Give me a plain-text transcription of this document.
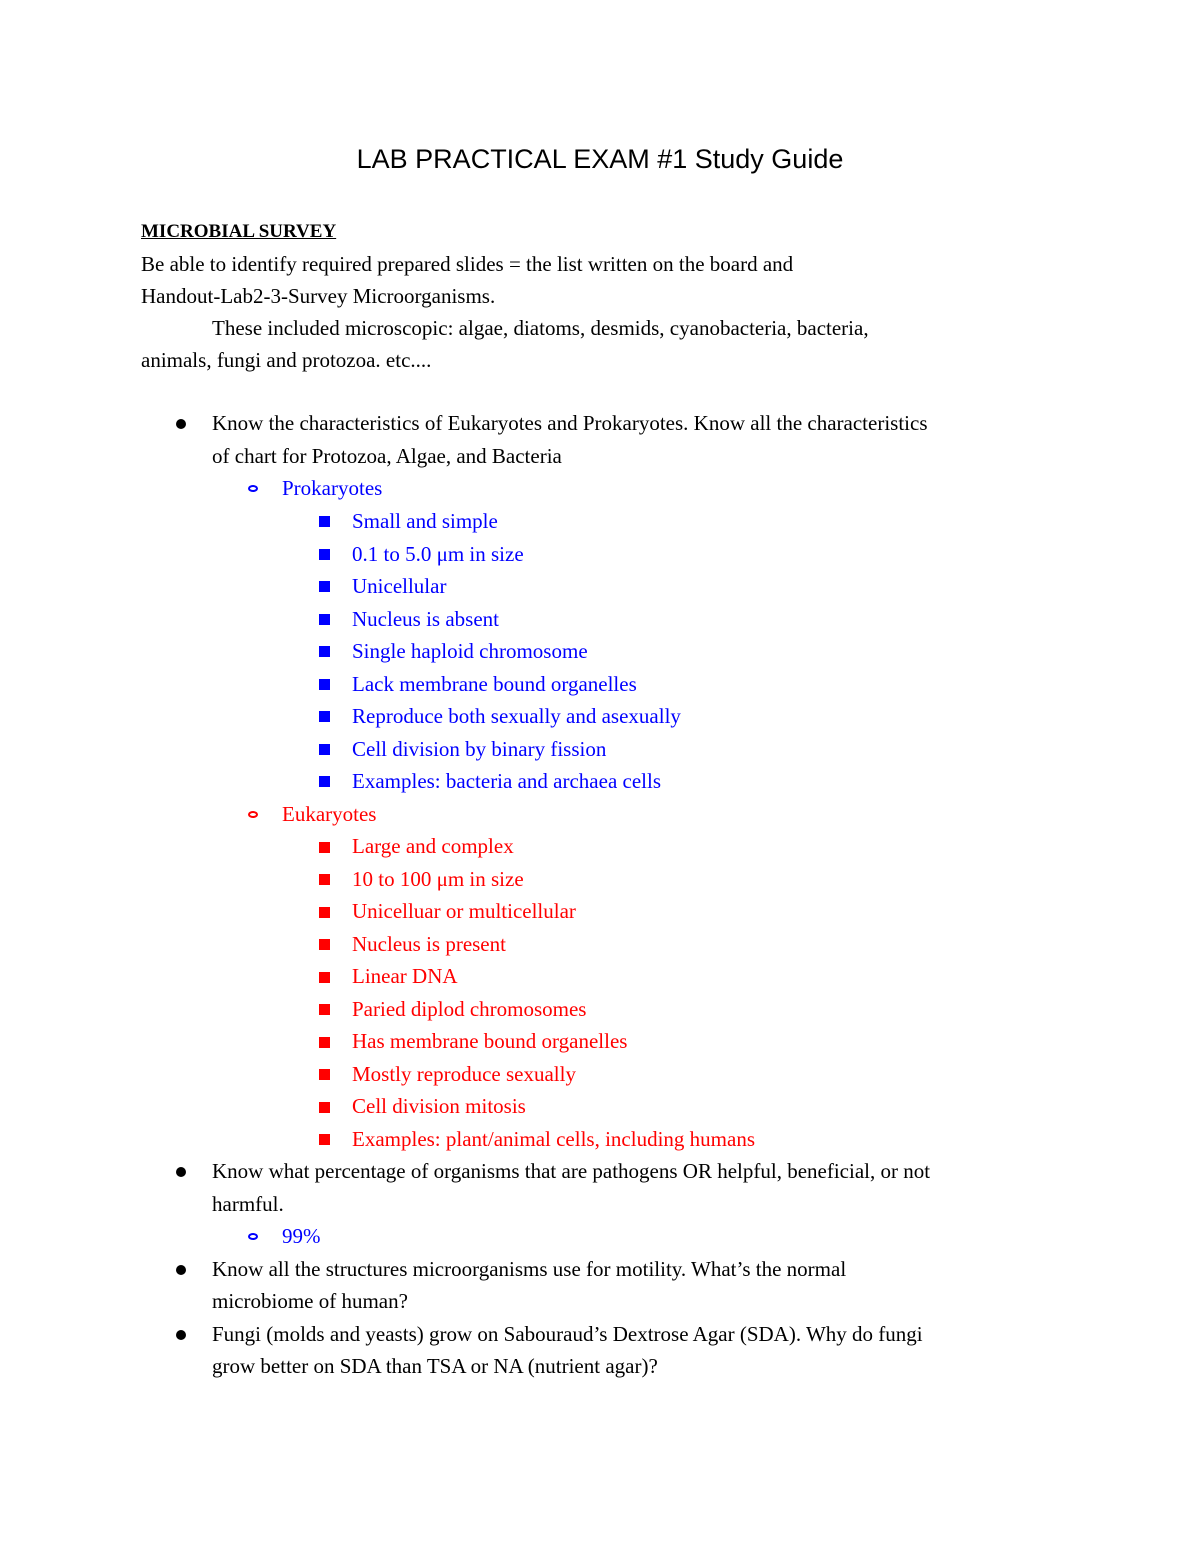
LAB PRACTICAL EXAM #1 Study Guide
MICROBIAL SURVEY
Be able to identify required prepared slides = the list written on the board and
Handout-Lab2-3-Survey Microorganisms.
These included microscopic: algae, diatoms, desmids, cyanobacteria, bacteria,
animals, fungi and protozoa. etc....
Know the characteristics of Eukaryotes and Prokaryotes. Know all the characteristics
of chart for Protozoa, Algae, and Bacteria
Prokaryotes
Small and simple
0.1 to 5.0 μm in size
Unicellular
Nucleus is absent
Single haploid chromosome
Lack membrane bound organelles
Reproduce both sexually and asexually
Cell division by binary fission
Examples: bacteria and archaea cells
Eukaryotes
Large and complex
10 to 100 μm in size
Unicelluar or multicellular
Nucleus is present
Linear DNA
Paried diplod chromosomes
Has membrane bound organelles
Mostly reproduce sexually
Cell division mitosis
Examples: plant/animal cells, including humans
Know what percentage of organisms that are pathogens OR helpful, beneficial, or not
harmful.
99%
Know all the structures microorganisms use for motility. What’s the normal
microbiome of human?
Fungi (molds and yeasts) grow on Sabouraud’s Dextrose Agar (SDA). Why do fungi
grow better on SDA than TSA or NA (nutrient agar)?
